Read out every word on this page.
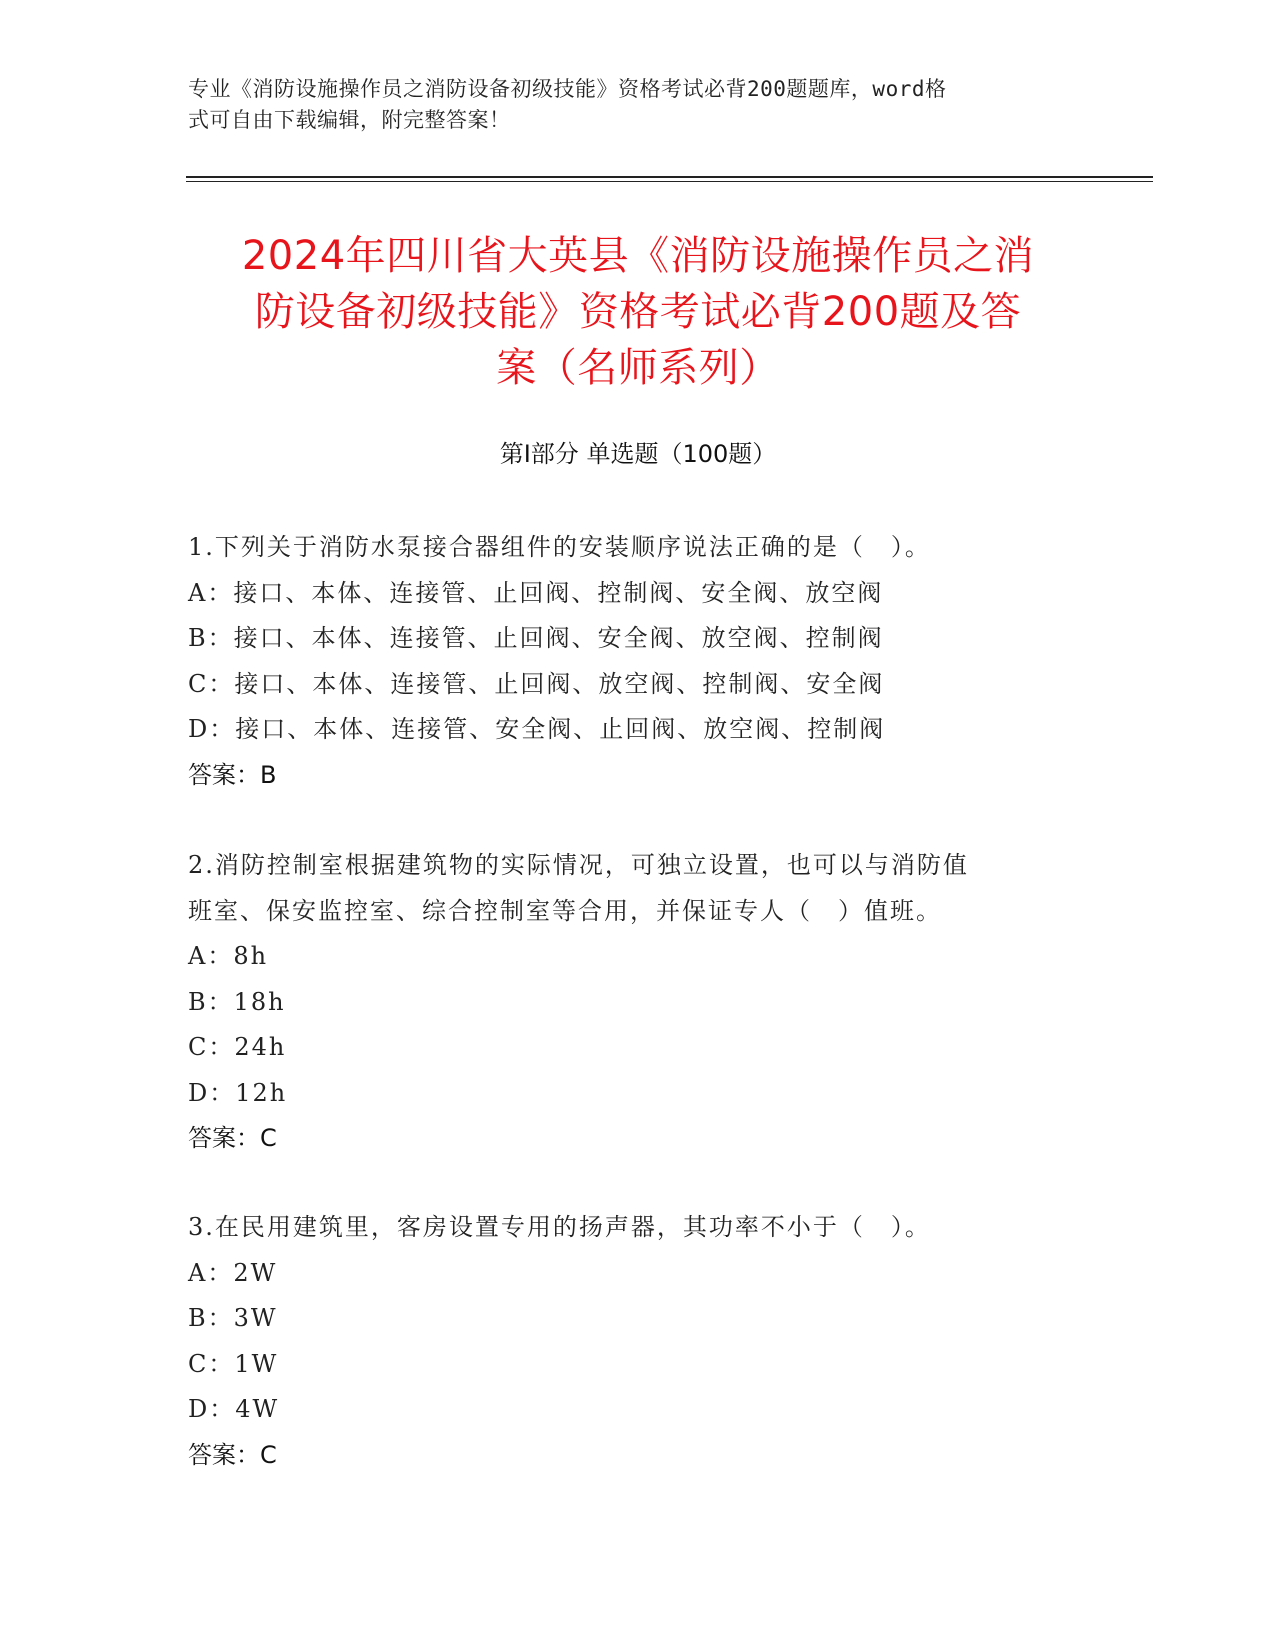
专业《消防设施操作员之消防设备初级技能》资格考试必背200题题库，word格
式可自由下载编辑，附完整答案！
2024年四川省大英县《消防设施操作员之消
防设备初级技能》资格考试必背200题及答
案（名师系列）
第Ⅰ部分 单选题（100题）

1.下列关于消防水泵接合器组件的安装顺序说法正确的是（　）。

A：接口、本体、连接管、止回阀、控制阀、安全阀、放空阀

B：接口、本体、连接管、止回阀、安全阀、放空阀、控制阀

C：接口、本体、连接管、止回阀、放空阀、控制阀、安全阀

D：接口、本体、连接管、安全阀、止回阀、放空阀、控制阀

答案：B

2.消防控制室根据建筑物的实际情况，可独立设置，也可以与消防值

班室、保安监控室、综合控制室等合用，并保证专人（　）值班。

A：8h

B：18h

C：24h

D：12h

答案：C

3.在民用建筑里，客房设置专用的扬声器，其功率不小于（　）。

A：2W

B：3W

C：1W

D：4W

答案：C
